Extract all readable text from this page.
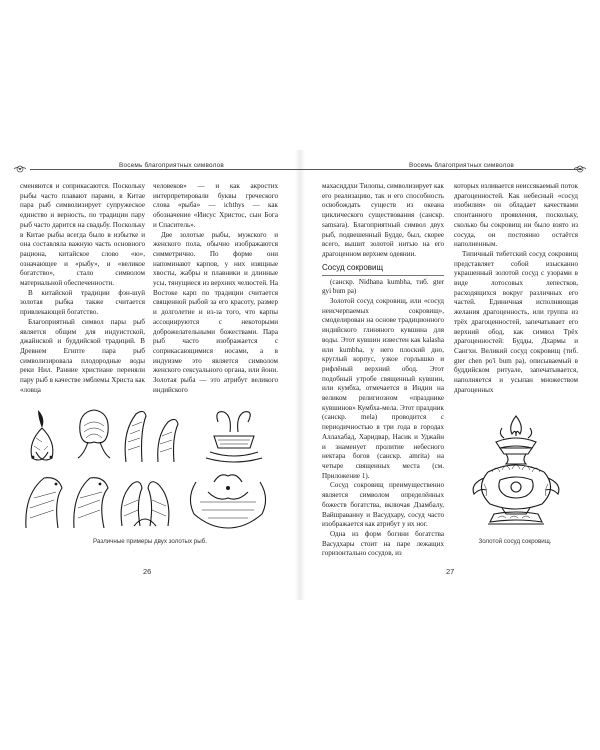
Восемь благоприятных символов

сменяются и соприкасаются. Поскольку рыбы часто плавают парами, в Китае пара рыб символизирует супружеское единство и верность, по традиции пару рыб часто дарится на свадьбу. Поскольку в Китае рыбы всегда было в избытке и она составляла важную часть основного рациона, китайское слово «ю», означающее и «рыбу», и «великое богатство», стало символом материальной обеспеченности.

В китайской традиции фэн-шуй золотая рыбка также считается привлекающей богатство.

Благоприятный символ пары рыб является общим для индуистской, джайнской и буддийской традиций. В Древнем Египте пара рыб символизировала плодородные воды реки Нил. Ранние христиане переняли пару рыб в качестве эмблемы Христа как «ловца

человеков» — и как акростих интерпретировали буквы греческого слова «рыба» — ichthys — как обозначение «Иисус Христос, сын Бога и Спаситель».

Две золотые рыбы, мужского и женского пола, обычно изображаются симметрично. По форме они напоминают карпов, у них изящные хвосты, жабры и плавники и длинные усы, тянущиеся из верхних челюстей. На Востоке карп по традиции считается священной рыбой за его красоту, размер и долголетие и из-за того, что карпы ассоциируются с некоторыми доброжелательными божествами. Пара рыб часто изображается с соприкасающимися носами, а в индуизме это является символом женского сексуального органа, или йони. Золотая рыба — это атрибут великого индийского

Различные примеры двух золотых рыб.
26
Восемь благоприятных символов

махасиддхи Тилопы, символизирует как его реализацию, так и его способность освобождать существ из океана циклического существования (санскр. samsara). Благоприятный символ двух рыб, подвешенный Будде, был, скорее всего, вышит золотой нитью на его драгоценном верхнем одеянии.

Сосуд сокровищ
(санскр. Nidhana kumbha, тиб. gter gyi bum pa)

Золотой сосуд сокровищ, или «сосуд неисчерпаемых сокровищ», смоделирован на основе традиционного индийского глиняного кувшина для воды. Этот кувшин известен как kalasha или kumbha, у него плоский дно, круглый корпус, узкое горлышко и рифлёный верхний обод. Этот подобный утробе священный кувшин, или кумбха, отмечается в Индии на великом религиозном «празднике кувшинов» Кумбха-мела. Этот праздник (санскр. mela) проводится с периодичностью в три года в городах Аллахабад, Харидвар, Насик и Уджайн и знаменует пролитие небесного нектара богов (санскр. amrita) на четыре священных места (см. Приложение 1).

Сосуд сокровищ преимущественно является символом определённых божеств богатства, включая Дзамбалу, Вайшраванну и Васудхару, сосуд часто изображается как атрибут у их ног.

Одна из форм богини богатства Васудхары стоит на паре лежащих горизонтально сосудов, из

которых изливается неиссякаемый поток драгоценностей. Как небесный «сосуд изобилия» он обладает качествами спонтанного проявления, поскольку, сколько бы сокровищ ни было взято из сосуда, он постоянно остаётся наполненным.

Типичный тибетский сосуд сокровищ представляет собой изысканно украшенный золотой сосуд с узорами в виде лотосовых лепестков, расходящихся вокруг различных его частей. Единичная исполняющая желания драгоценность, или группа из трёх драгоценностей, запечатывает его верхний обод, как символ Трёх драгоценностей: Будды, Дхармы и Сангхи. Великий сосуд сокровищ (тиб. gter chen po'i bum pa), описываемый в буддийском ритуале, запечатывается, наполняется и усыпан множеством драгоценных

Золотой сосуд сокровищ.
27
